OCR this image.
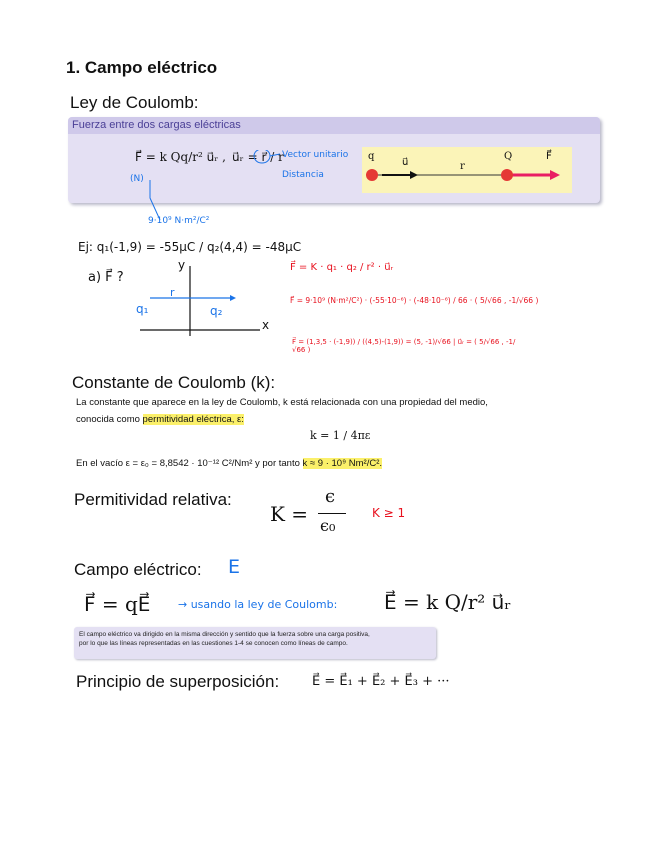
1. Campo eléctrico
Ley de Coulomb:
Fuerza entre dos cargas eléctricas
F⃗ = k Qq/r² u⃗ᵣ , u⃗ᵣ = r⃗ / r
(N)
Vector unitario
Distancia
9·10⁹ N·m²/C²
q
u⃗	r
Q	F⃗
Ej: q₁(-1,9) = -55μC / q₂(4,4) = -48μC
a) F⃗ ?
y
x
q₁	q₂
r
F⃗ = K · q₁ · q₂ / r² · u⃗ᵣ
F⃗ = 9·10⁹ (N·m²/C²) · (-55·10⁻⁶) · (-48·10⁻⁶) / 66 · ( 5/√66 , -1/√66 )
F⃗ = (1,3,5 · (-1,9)) / ((4,5)-(1,9)) = (5, -1)/√66 | u⃗ᵣ = ( 5/√66 , -1/√66 )
Constante de Coulomb (k):
La constante que aparece en la ley de Coulomb, k está relacionada con una propiedad del medio,
conocida como permitividad eléctrica, ε:
k = 1 / 4πε
En el vacío ε = ε₀ = 8,8542 · 10⁻¹² C²/Nm² y por tanto k ≈ 9 · 10⁹ Nm²/C².
Permitividad relativa:
K =
ϵ
ϵ₀
K ≥ 1
Campo eléctrico: E
F⃗ = qE⃗	→ usando la ley de Coulomb: E⃗ = k Q/r² u⃗ᵣ
El campo eléctrico va dirigido en la misma dirección y sentido que la fuerza sobre una carga positiva,
por lo que las líneas representadas en las cuestiones 1-4 se conocen como líneas de campo.
Principio de superposición:	E⃗ = E⃗₁ + E⃗₂ + E⃗₃ + ···
